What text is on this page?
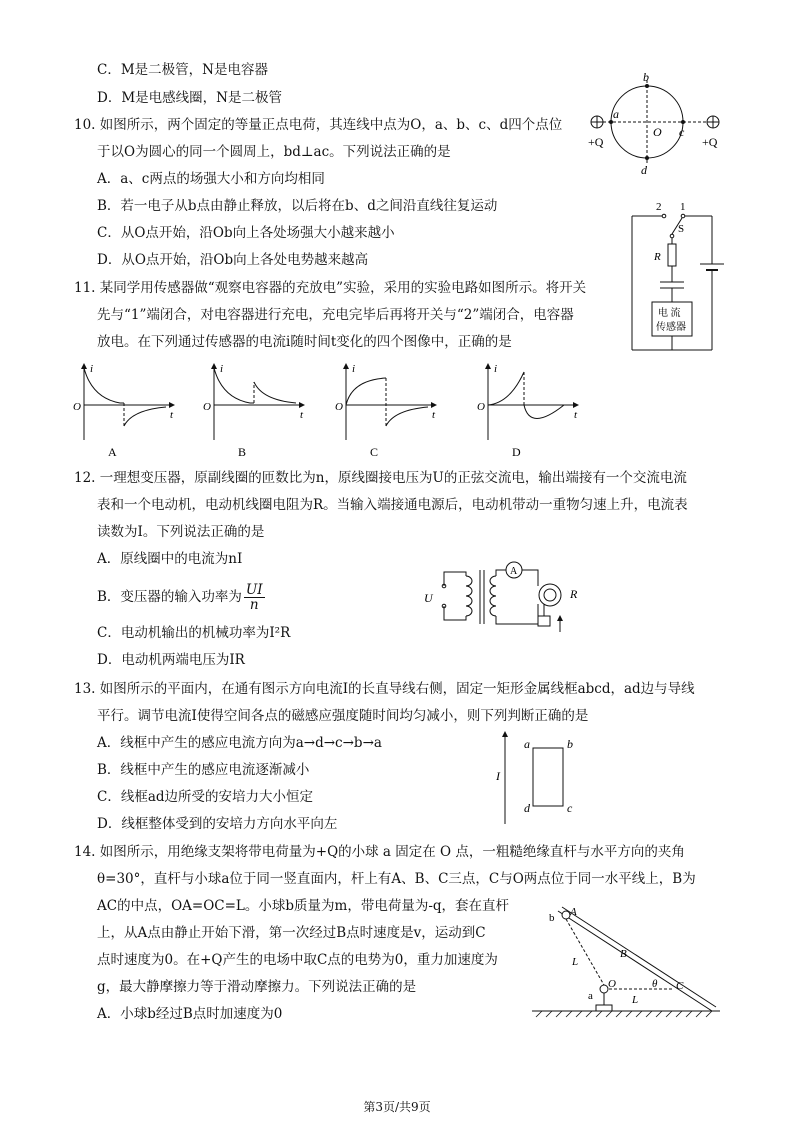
C．M是二极管，N是电容器
D．M是电感线圈，N是二极管
10. 如图所示，两个固定的等量正点电荷，其连线中点为O，a、b、c、d四个点位
于以O为圆心的同一个圆周上，bd⊥ac。下列说法正确的是
A．a、c两点的场强大小和方向均相同
B．若一电子从b点由静止释放，以后将在b、d之间沿直线往复运动
C．从O点开始，沿Ob向上各处场强大小越来越小
D．从O点开始，沿Ob向上各处电势越来越高
b
a
O c
d
+Q	+Q
11. 某同学用传感器做“观察电容器的充放电”实验，采用的实验电路如图所示。将开关
先与“1”端闭合，对电容器进行充电，充电完毕后再将开关与“2”端闭合，电容器
放电。在下列通过传感器的电流i随时间t变化的四个图像中，正确的是
2 1
S
R
电 流
传感器
i
O
t
A
i
O
t
B
i
O
t
C
i
O
t
D
12. 一理想变压器，原副线圈的匝数比为n，原线圈接电压为U的正弦交流电，输出端接有一个交流电流
表和一个电动机，电动机线圈电阻为R。当输入端接通电源后，电动机带动一重物匀速上升，电流表
读数为I。下列说法正确的是
A．原线圈中的电流为nI
B．变压器的输入功率为 $\frac{UI}{n}$
C．电动机输出的机械功率为I²R
D．电动机两端电压为IR
U
A
R
13. 如图所示的平面内，在通有图示方向电流I的长直导线右侧，固定一矩形金属线框abcd，ad边与导线
平行。调节电流I使得空间各点的磁感应强度随时间均匀减小，则下列判断正确的是
A．线框中产生的感应电流方向为a→d→c→b→a
B．线框中产生的感应电流逐渐减小
C．线框ad边所受的安培力大小恒定
D．线框整体受到的安培力方向水平向左
I
a	b
d	c
14. 如图所示，用绝缘支架将带电荷量为+Q的小球 a 固定在 O 点，一粗糙绝缘直杆与水平方向的夹角
θ=30°，直杆与小球a位于同一竖直面内，杆上有A、B、C三点，C与O两点位于同一水平线上，B为
AC的中点，OA=OC=L。小球b质量为m，带电荷量为-q，套在直杆
上，从A点由静止开始下滑，第一次经过B点时速度是v，运动到C
点时速度为0。在+Q产生的电场中取C点的电势为0，重力加速度为
g，最大静摩擦力等于滑动摩擦力。下列说法正确的是
A．小球b经过B点时加速度为0
A
b
L
B
θ C
L
O
a
第3页/共9页
